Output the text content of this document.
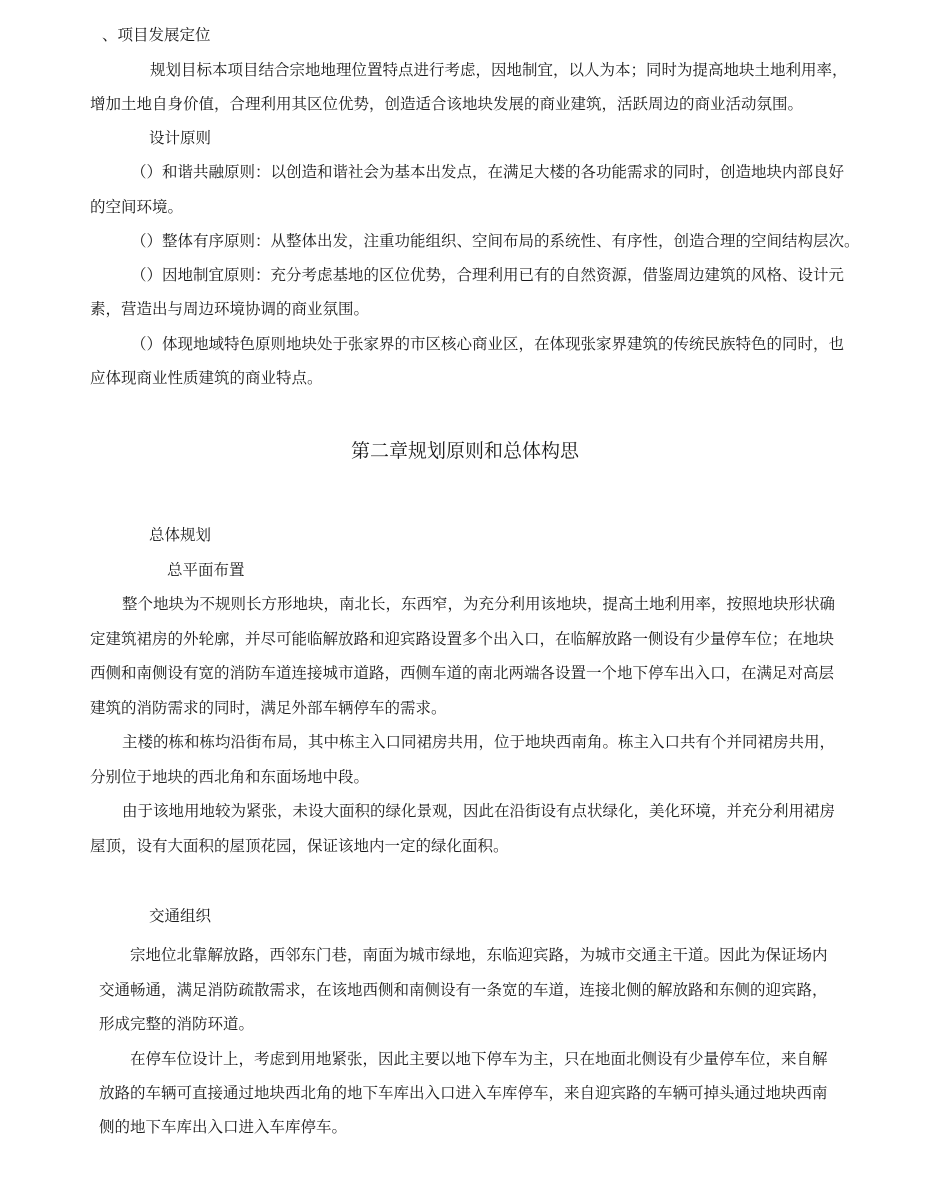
、项目发展定位
规划目标本项目结合宗地地理位置特点进行考虑，因地制宜，以人为本；同时为提高地块土地利用率，
增加土地自身价值，合理利用其区位优势，创造适合该地块发展的商业建筑，活跃周边的商业活动氛围。
设计原则
（）和谐共融原则：以创造和谐社会为基本出发点，在满足大楼的各功能需求的同时，创造地块内部良好
的空间环境。
（）整体有序原则：从整体出发，注重功能组织、空间布局的系统性、有序性，创造合理的空间结构层次。
（）因地制宜原则：充分考虑基地的区位优势，合理利用已有的自然资源，借鉴周边建筑的风格、设计元
素，营造出与周边环境协调的商业氛围。
（）体现地域特色原则地块处于张家界的市区核心商业区，在体现张家界建筑的传统民族特色的同时，也
应体现商业性质建筑的商业特点。
第二章规划原则和总体构思
总体规划
总平面布置
整个地块为不规则长方形地块，南北长，东西窄，为充分利用该地块，提高土地利用率，按照地块形状确
定建筑裙房的外轮廓，并尽可能临解放路和迎宾路设置多个出入口，在临解放路一侧设有少量停车位；在地块
西侧和南侧设有宽的消防车道连接城市道路，西侧车道的南北两端各设置一个地下停车出入口，在满足对高层
建筑的消防需求的同时，满足外部车辆停车的需求。
主楼的栋和栋均沿街布局，其中栋主入口同裙房共用，位于地块西南角。栋主入口共有个并同裙房共用，
分别位于地块的西北角和东面场地中段。
由于该地用地较为紧张，未设大面积的绿化景观，因此在沿街设有点状绿化，美化环境，并充分利用裙房
屋顶，设有大面积的屋顶花园，保证该地内一定的绿化面积。
交通组织
宗地位北靠解放路，西邻东门巷，南面为城市绿地，东临迎宾路，为城市交通主干道。因此为保证场内
交通畅通，满足消防疏散需求，在该地西侧和南侧设有一条宽的车道，连接北侧的解放路和东侧的迎宾路，
形成完整的消防环道。
在停车位设计上，考虑到用地紧张，因此主要以地下停车为主，只在地面北侧设有少量停车位，来自解
放路的车辆可直接通过地块西北角的地下车库出入口进入车库停车，来自迎宾路的车辆可掉头通过地块西南
侧的地下车库出入口进入车库停车。
